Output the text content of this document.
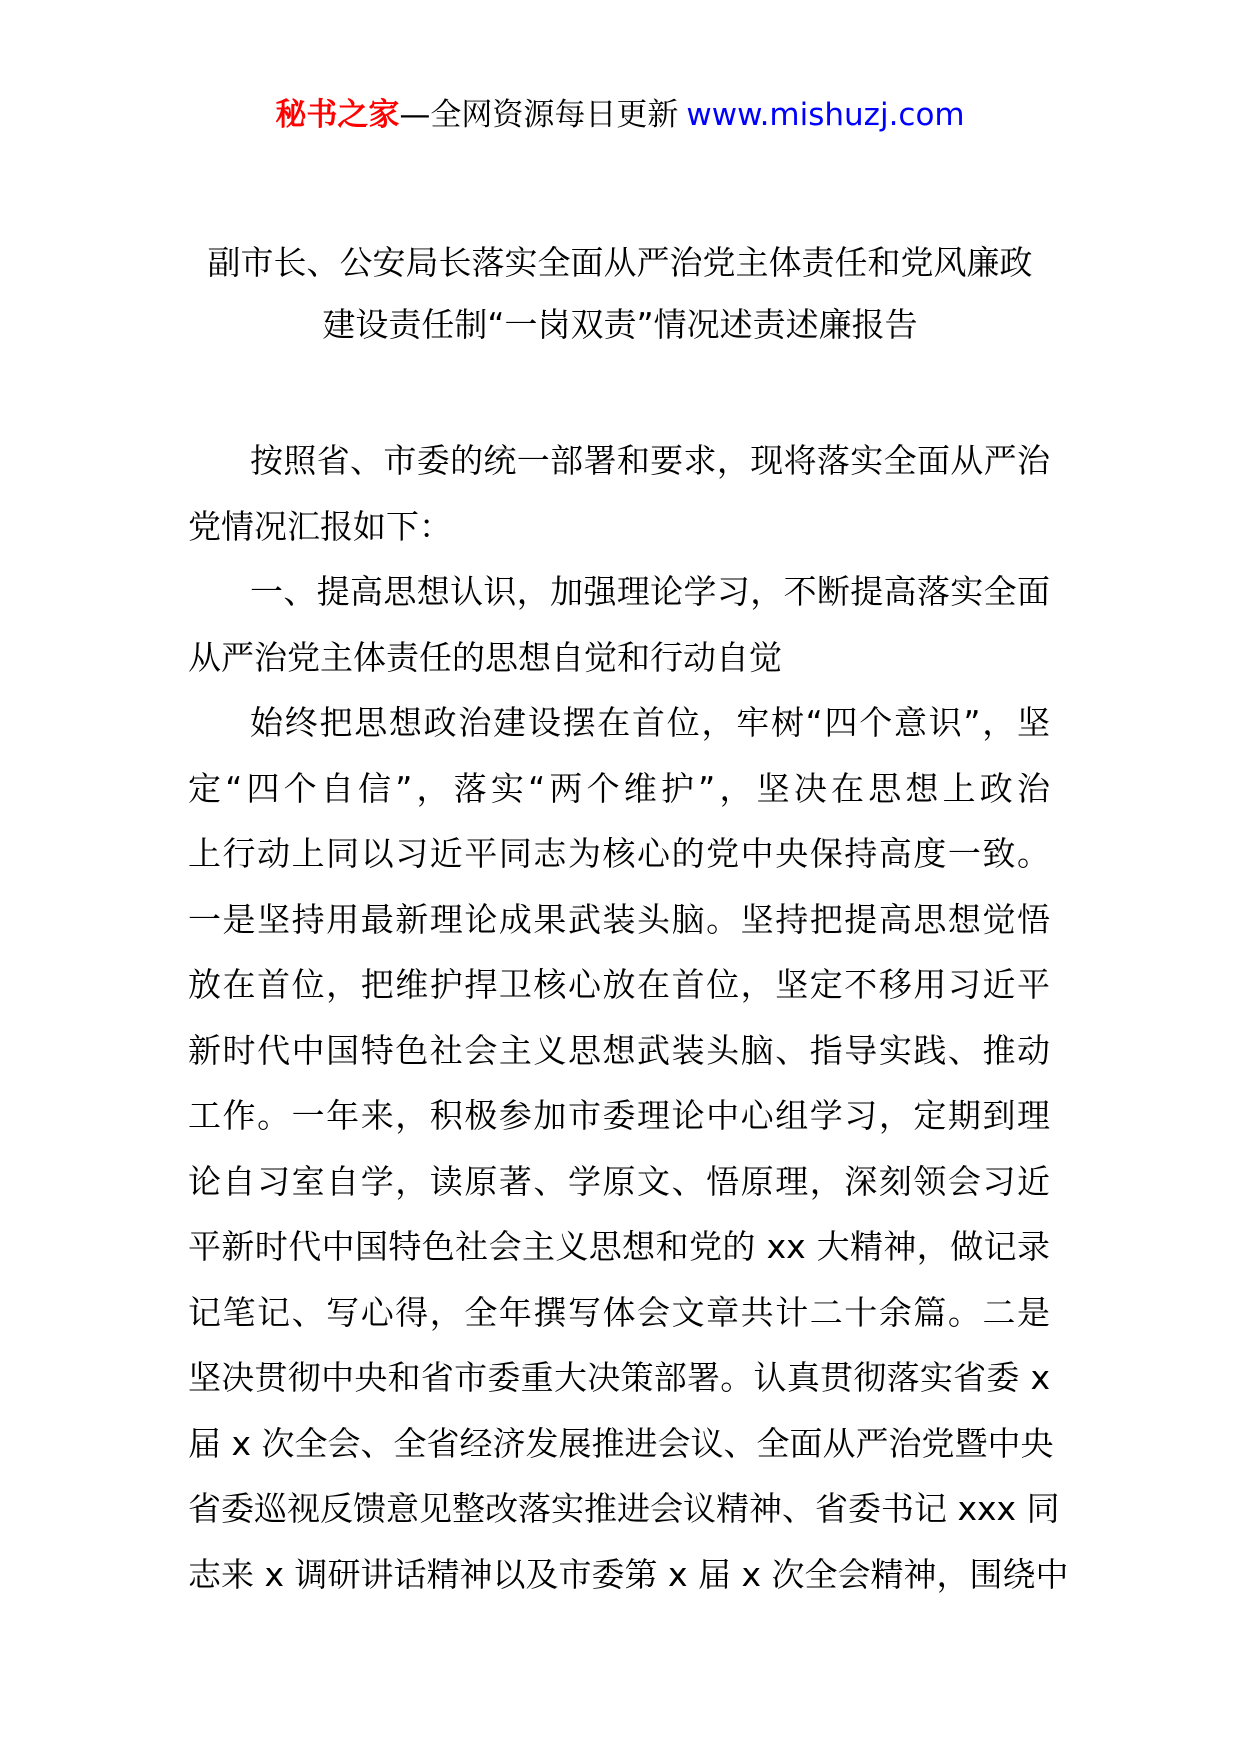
秘书之家—全网资源每日更新 www.mishuzj.com
副市长、公安局长落实全面从严治党主体责任和党风廉政
建设责任制“一岗双责”情况述责述廉报告
按照省、市委的统一部署和要求，现将落实全面从严治
党情况汇报如下：
一、提高思想认识，加强理论学习，不断提高落实全面
从严治党主体责任的思想自觉和行动自觉
始终把思想政治建设摆在首位，牢树“四个意识”，坚
定“四个自信”，落实“两个维护”，坚决在思想上政治
上行动上同以习近平同志为核心的党中央保持高度一致。
一是坚持用最新理论成果武装头脑。坚持把提高思想觉悟
放在首位，把维护捍卫核心放在首位，坚定不移用习近平
新时代中国特色社会主义思想武装头脑、指导实践、推动
工作。一年来，积极参加市委理论中心组学习，定期到理
论自习室自学，读原著、学原文、悟原理，深刻领会习近
平新时代中国特色社会主义思想和党的 xx 大精神，做记录
记笔记、写心得，全年撰写体会文章共计二十余篇。二是
坚决贯彻中央和省市委重大决策部署。认真贯彻落实省委 x
届 x 次全会、全省经济发展推进会议、全面从严治党暨中央
省委巡视反馈意见整改落实推进会议精神、省委书记 xxx 同
志来 x 调研讲话精神以及市委第 x 届 x 次全会精神，围绕中
